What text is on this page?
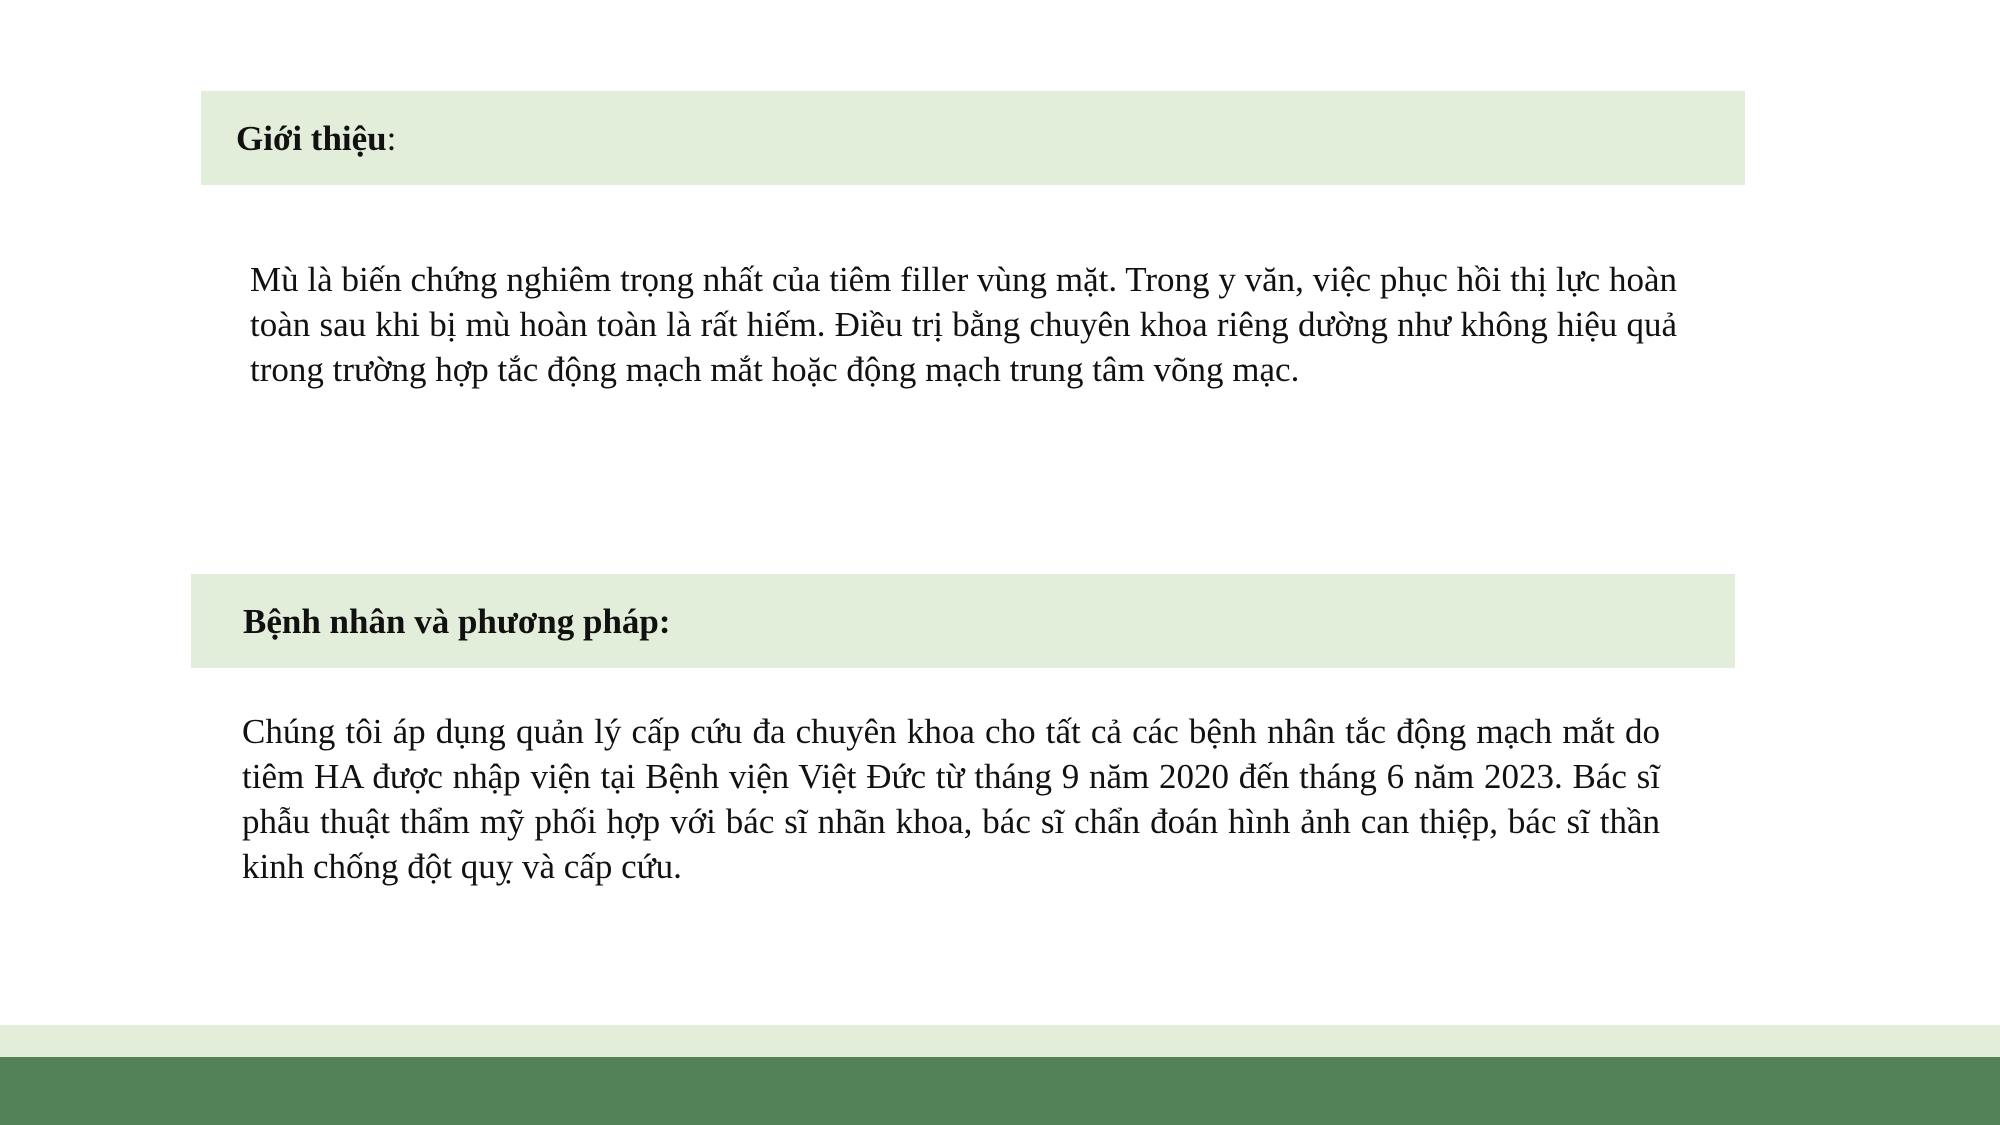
Giới thiệu:

Mù là biến chứng nghiêm trọng nhất của tiêm filler vùng mặt. Trong y văn, việc phục hồi thị lực hoàn toàn sau khi bị mù hoàn toàn là rất hiếm. Điều trị bằng chuyên khoa riêng dường như không hiệu quả trong trường hợp tắc động mạch mắt hoặc động mạch trung tâm võng mạc.

Bệnh nhân và phương pháp:

Chúng tôi áp dụng quản lý cấp cứu đa chuyên khoa cho tất cả các bệnh nhân tắc động mạch mắt do tiêm HA được nhập viện tại Bệnh viện Việt Đức từ tháng 9 năm 2020 đến tháng 6 năm 2023. Bác sĩ phẫu thuật thẩm mỹ phối hợp với bác sĩ nhãn khoa, bác sĩ chẩn đoán hình ảnh can thiệp, bác sĩ thần kinh chống đột quỵ và cấp cứu.
